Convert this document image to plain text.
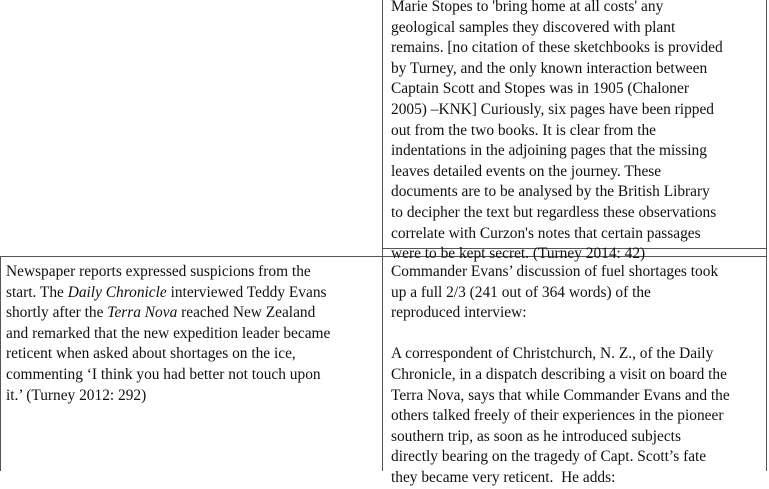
Marie Stopes to 'bring home at all costs' any
geological samples they discovered with plant
remains. [no citation of these sketchbooks is provided
by Turney, and the only known interaction between
Captain Scott and Stopes was in 1905 (Chaloner
2005) –KNK] Curiously, six pages have been ripped
out from the two books. It is clear from the
indentations in the adjoining pages that the missing
leaves detailed events on the journey. These
documents are to be analysed by the British Library
to decipher the text but regardless these observations
correlate with Curzon's notes that certain passages
were to be kept secret. (Turney 2014: 42)
Newspaper reports expressed suspicions from the
start. The Daily Chronicle interviewed Teddy Evans
shortly after the Terra Nova reached New Zealand
and remarked that the new expedition leader became
reticent when asked about shortages on the ice,
commenting ‘I think you had better not touch upon
it.’ (Turney 2012: 292)
Commander Evans’ discussion of fuel shortages took
up a full 2/3 (241 out of 364 words) of the
reproduced interview:
A correspondent of Christchurch, N. Z., of the Daily
Chronicle, in a dispatch describing a visit on board the
Terra Nova, says that while Commander Evans and the
others talked freely of their experiences in the pioneer
southern trip, as soon as he introduced subjects
directly bearing on the tragedy of Capt. Scott’s fate
they became very reticent.  He adds:
